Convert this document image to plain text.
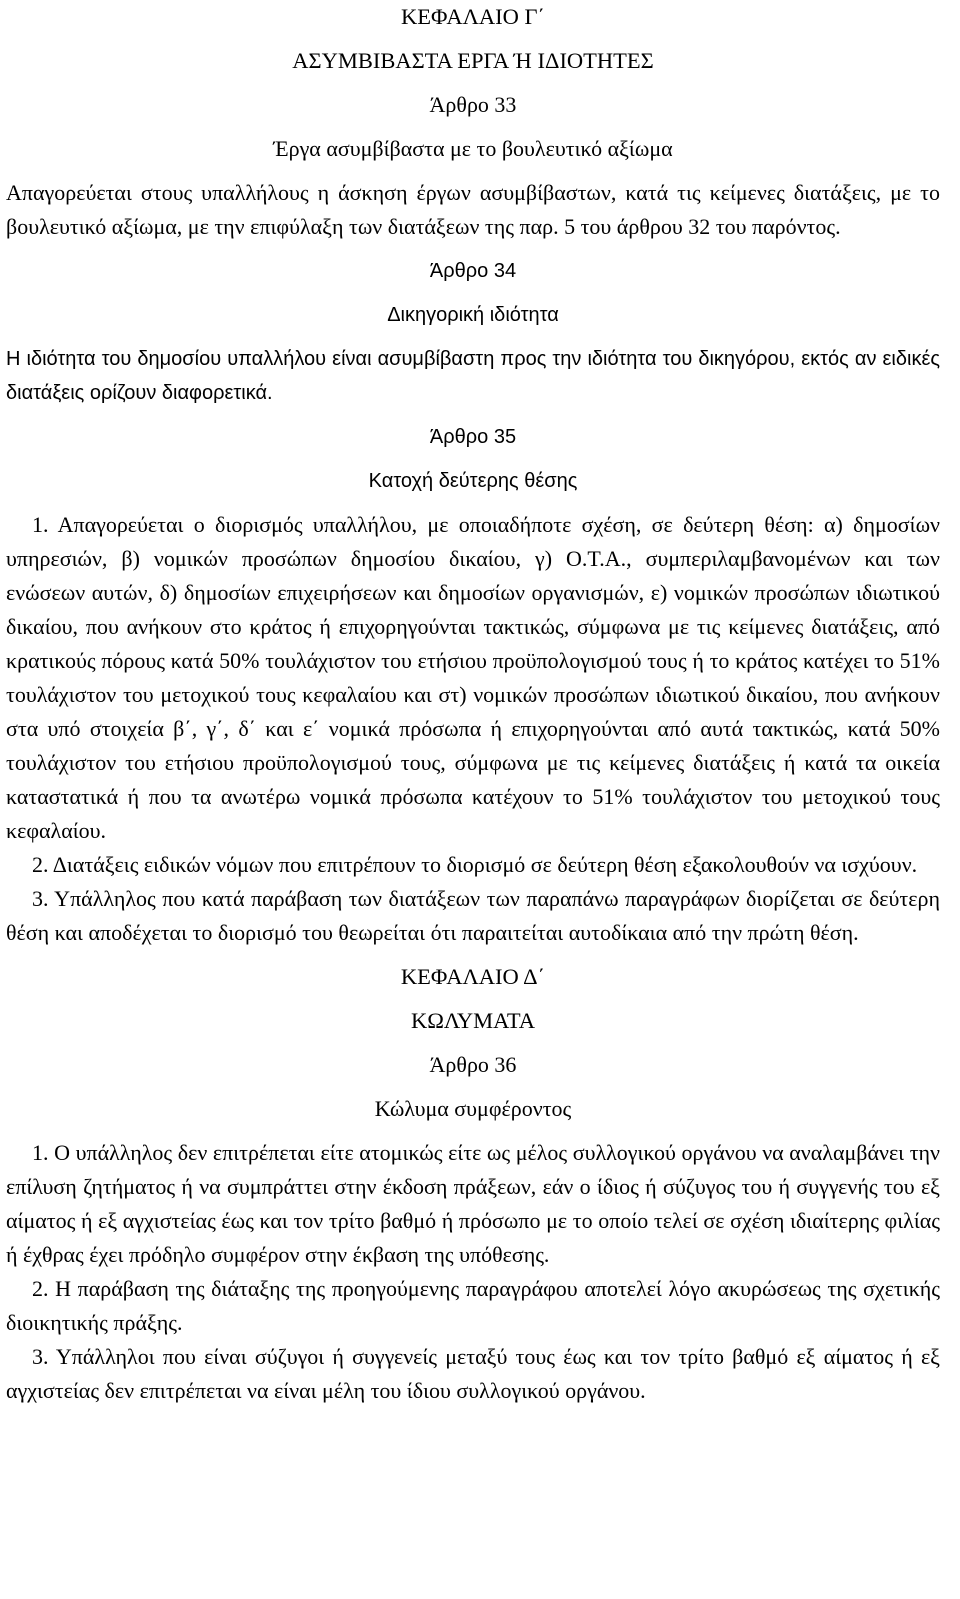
ΚΕΦΑΛΑΙΟ Γ΄

ΑΣΥΜΒΙΒΑΣΤΑ ΕΡΓΑ Ή ΙΔΙΟΤΗΤΕΣ

Άρθρο 33

Έργα ασυμβίβαστα με το βουλευτικό αξίωμα

Απαγορεύεται στους υπαλλήλους η άσκηση έργων ασυμβίβαστων, κατά τις κείμενες διατάξεις, με το βουλευτικό αξίωμα, με την επιφύλαξη των διατάξεων της παρ. 5 του άρθρου 32 του παρόντος.

Άρθρο 34

Δικηγορική ιδιότητα

Η ιδιότητα του δημοσίου υπαλλήλου είναι ασυμβίβαστη προς την ιδιότητα του δικηγόρου, εκτός αν ειδικές διατάξεις ορίζουν διαφορετικά.

Άρθρο 35

Κατοχή δεύτερης θέσης

1. Απαγορεύεται ο διορισμός υπαλλήλου, με οποιαδήποτε σχέση, σε δεύτερη θέση: α) δημοσίων υπηρεσιών, β) νομικών προσώπων δημοσίου δικαίου, γ) Ο.Τ.Α., συμπεριλαμβανομένων και των ενώσεων αυτών, δ) δημοσίων επιχειρήσεων και δημοσίων οργανισμών, ε) νομικών προσώπων ιδιωτικού δικαίου, που ανήκουν στο κράτος ή επιχορηγούνται τακτικώς, σύμφωνα με τις κείμενες διατάξεις, από κρατικούς πόρους κατά 50% τουλάχιστον του ετήσιου προϋπολογισμού τους ή το κράτος κατέχει το 51% τουλάχιστον του μετοχικού τους κεφαλαίου και στ) νομικών προσώπων ιδιωτικού δικαίου, που ανήκουν στα υπό στοιχεία β΄, γ΄, δ΄ και ε΄ νομικά πρόσωπα ή επιχορηγούνται από αυτά τακτικώς, κατά 50% τουλάχιστον του ετήσιου προϋπολογισμού τους, σύμφωνα με τις κείμενες διατάξεις ή κατά τα οικεία καταστατικά ή που τα ανωτέρω νομικά πρόσωπα κατέχουν το 51% τουλάχιστον του μετοχικού τους κεφαλαίου.

2. Διατάξεις ειδικών νόμων που επιτρέπουν το διορισμό σε δεύτερη θέση εξακολουθούν να ισχύουν.

3. Υπάλληλος που κατά παράβαση των διατάξεων των παραπάνω παραγράφων διορίζεται σε δεύτερη θέση και αποδέχεται το διορισμό του θεωρείται ότι παραιτείται αυτοδίκαια από την πρώτη θέση.

ΚΕΦΑΛΑΙΟ Δ΄

ΚΩΛΥΜΑΤΑ

Άρθρο 36

Κώλυμα συμφέροντος

1. Ο υπάλληλος δεν επιτρέπεται είτε ατομικώς είτε ως μέλος συλλογικού οργάνου να αναλαμβάνει την επίλυση ζητήματος ή να συμπράττει στην έκδοση πράξεων, εάν ο ίδιος ή σύζυγος του ή συγγενής του εξ αίματος ή εξ αγχιστείας έως και τον τρίτο βαθμό ή πρόσωπο με το οποίο τελεί σε σχέση ιδιαίτερης φιλίας ή έχθρας έχει πρόδηλο συμφέρον στην έκβαση της υπόθεσης.

2. Η παράβαση της διάταξης της προηγούμενης παραγράφου αποτελεί λόγο ακυρώσεως της σχετικής διοικητικής πράξης.

3. Υπάλληλοι που είναι σύζυγοι ή συγγενείς μεταξύ τους έως και τον τρίτο βαθμό εξ αίματος ή εξ αγχιστείας δεν επιτρέπεται να είναι μέλη του ίδιου συλλογικού οργάνου.
